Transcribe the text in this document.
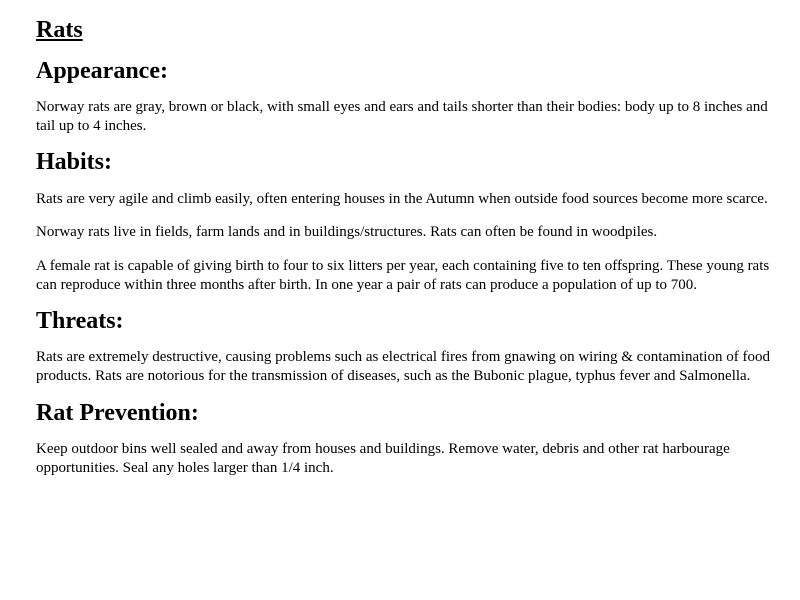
Rats
Appearance:

Norway rats are gray, brown or black, with small eyes and ears and tails shorter than their bodies: body up to 8 inches and tail up to 4 inches.

Habits:

Rats are very agile and climb easily, often entering houses in the Autumn when outside food sources become more scarce.

Norway rats live in fields, farm lands and in buildings/structures. Rats can often be found in woodpiles.

A female rat is capable of giving birth to four to six litters per year, each containing five to ten offspring. These young rats can reproduce within three months after birth. In one year a pair of rats can produce a population of up to 700.

Threats:

Rats are extremely destructive, causing problems such as electrical fires from gnawing on wiring & contamination of food products. Rats are notorious for the transmission of diseases, such as the Bubonic plague, typhus fever and Salmonella.

Rat Prevention:

Keep outdoor bins well sealed and away from houses and buildings. Remove water, debris and other rat harbourage opportunities. Seal any holes larger than 1/4 inch.
